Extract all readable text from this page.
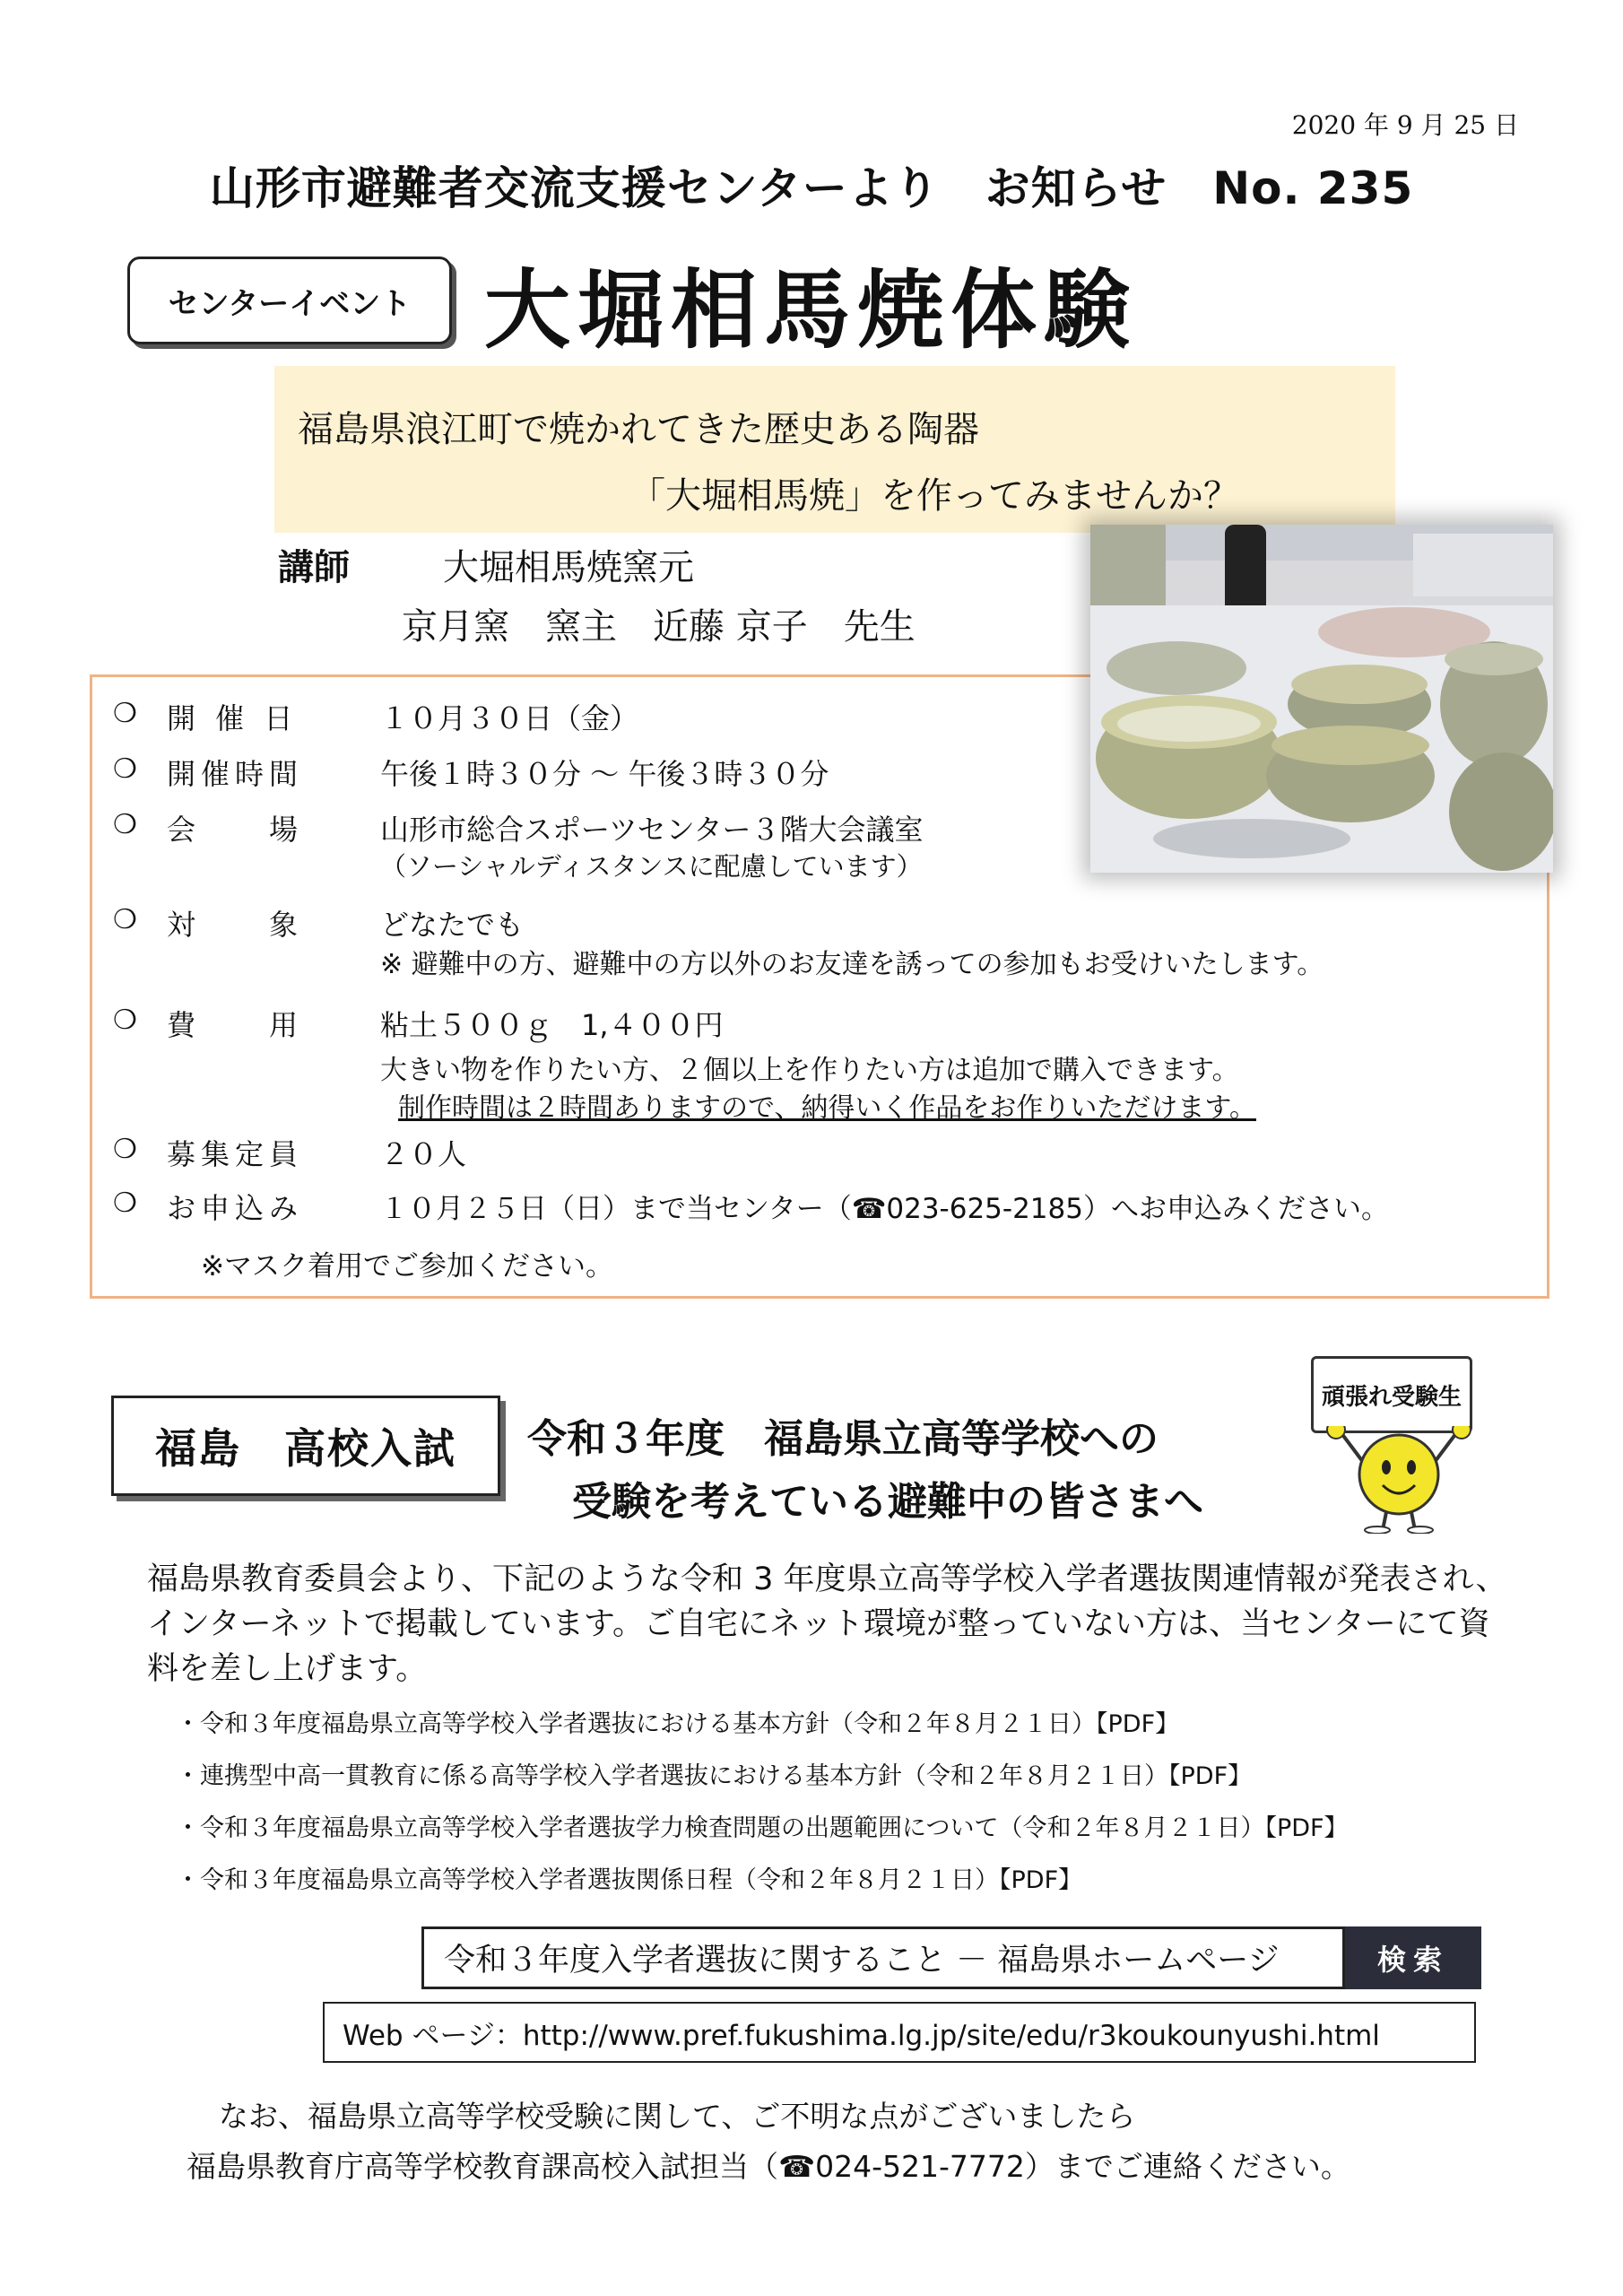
2020 年 9 月 25 日
山形市避難者交流支援センターより　お知らせ　No. 235
センターイベント 大堀相馬焼体験
福島県浪江町で焼かれてきた歴史ある陶器
「大堀相馬焼」を作ってみませんか？
講師	大堀相馬焼窯元
京月窯　窯主　近藤 京子　先生
❍ 開 催 日	１０月３０日（金）
❍ 開催時間	午後１時３０分 ～ 午後３時３０分
❍ 会　　場	山形市総合スポーツセンター３階大会議室
（ソーシャルディスタンスに配慮しています）
❍ 対　　象	どなたでも
※ 避難中の方、避難中の方以外のお友達を誘っての参加もお受けいたします。
❍ 費　　用	粘土５００ｇ　1,４００円
大きい物を作りたい方、２個以上を作りたい方は追加で購入できます。
制作時間は２時間ありますので、納得いく作品をお作りいただけます。
❍ 募集定員	２０人
❍ お申込み	１０月２５日（日）まで当センター（☎023-625-2185）へお申込みください。
※マスク着用でご参加ください。
福島　高校入試	令和３年度　福島県立高等学校への
受験を考えている避難中の皆さまへ
頑張れ受験生
福島県教育委員会より、下記のような令和 3 年度県立高等学校入学者選抜関連情報が発表され、インターネットで掲載しています。ご自宅にネット環境が整っていない方は、当センターにて資料を差し上げます。
・令和３年度福島県立高等学校入学者選抜における基本方針（令和２年８月２１日）【PDF】
・連携型中高一貫教育に係る高等学校入学者選抜における基本方針（令和２年８月２１日）【PDF】
・令和３年度福島県立高等学校入学者選抜学力検査問題の出題範囲について（令和２年８月２１日）【PDF】
・令和３年度福島県立高等学校入学者選抜関係日程（令和２年８月２１日）【PDF】
令和３年度入学者選抜に関すること － 福島県ホームページ	検索
Web ページ：http://www.pref.fukushima.lg.jp/site/edu/r3koukounyushi.html
なお、福島県立高等学校受験に関して、ご不明な点がございましたら
福島県教育庁高等学校教育課高校入試担当（☎024-521-7772）までご連絡ください。
